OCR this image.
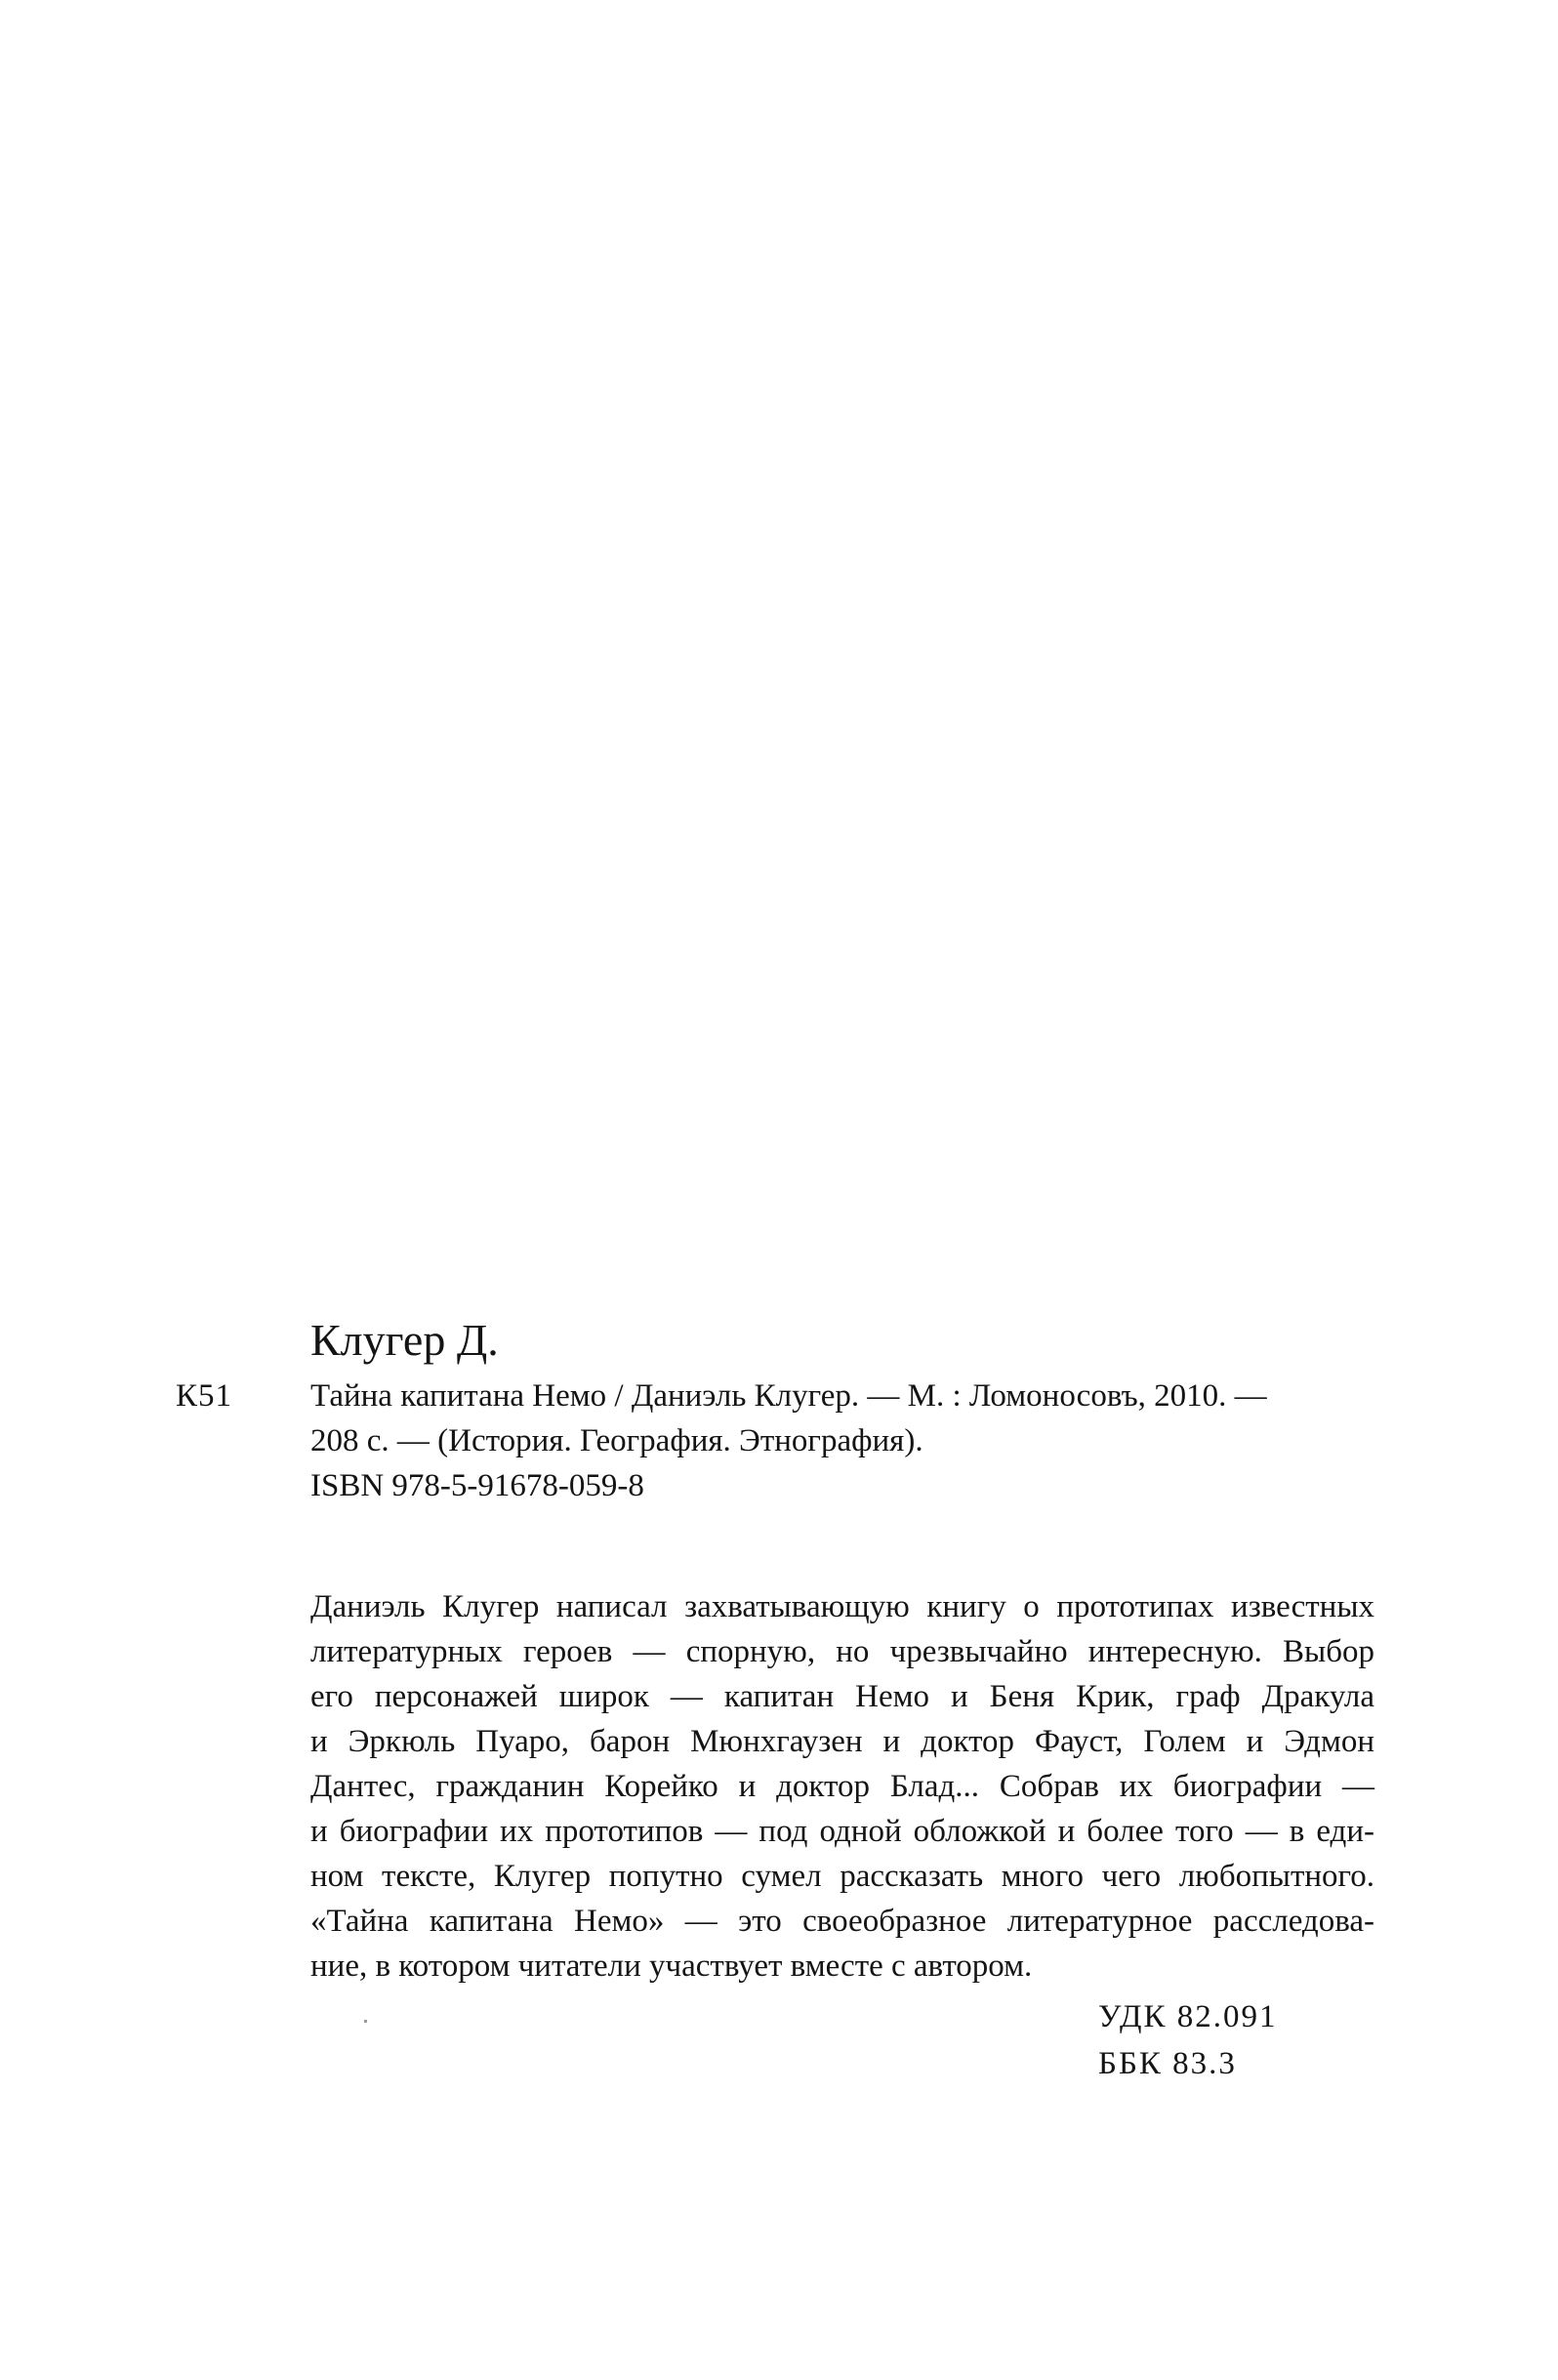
Клугер Д.
К51 Тайна капитана Немо / Даниэль Клугер. — М. : Ломоносовъ, 2010. —
208 с. — (История. География. Этнография).
ISBN 978-5-91678-059-8
Даниэль Клугер написал захватывающую книгу о прототипах известных
литературных героев — спорную, но чрезвычайно интересную. Выбор
его персонажей широк — капитан Немо и Беня Крик, граф Дракула
и Эркюль Пуаро, барон Мюнхгаузен и доктор Фауст, Голем и Эдмон
Дантес, гражданин Корейко и доктор Блад... Собрав их биографии —
и биографии их прототипов — под одной обложкой и более того — в еди-
ном тексте, Клугер попутно сумел рассказать много чего любопытного.
«Тайна капитана Немо» — это своеобразное литературное расследова-
ние, в котором читатели участвует вместе с автором.
УДК 82.091
ББК 83.3
